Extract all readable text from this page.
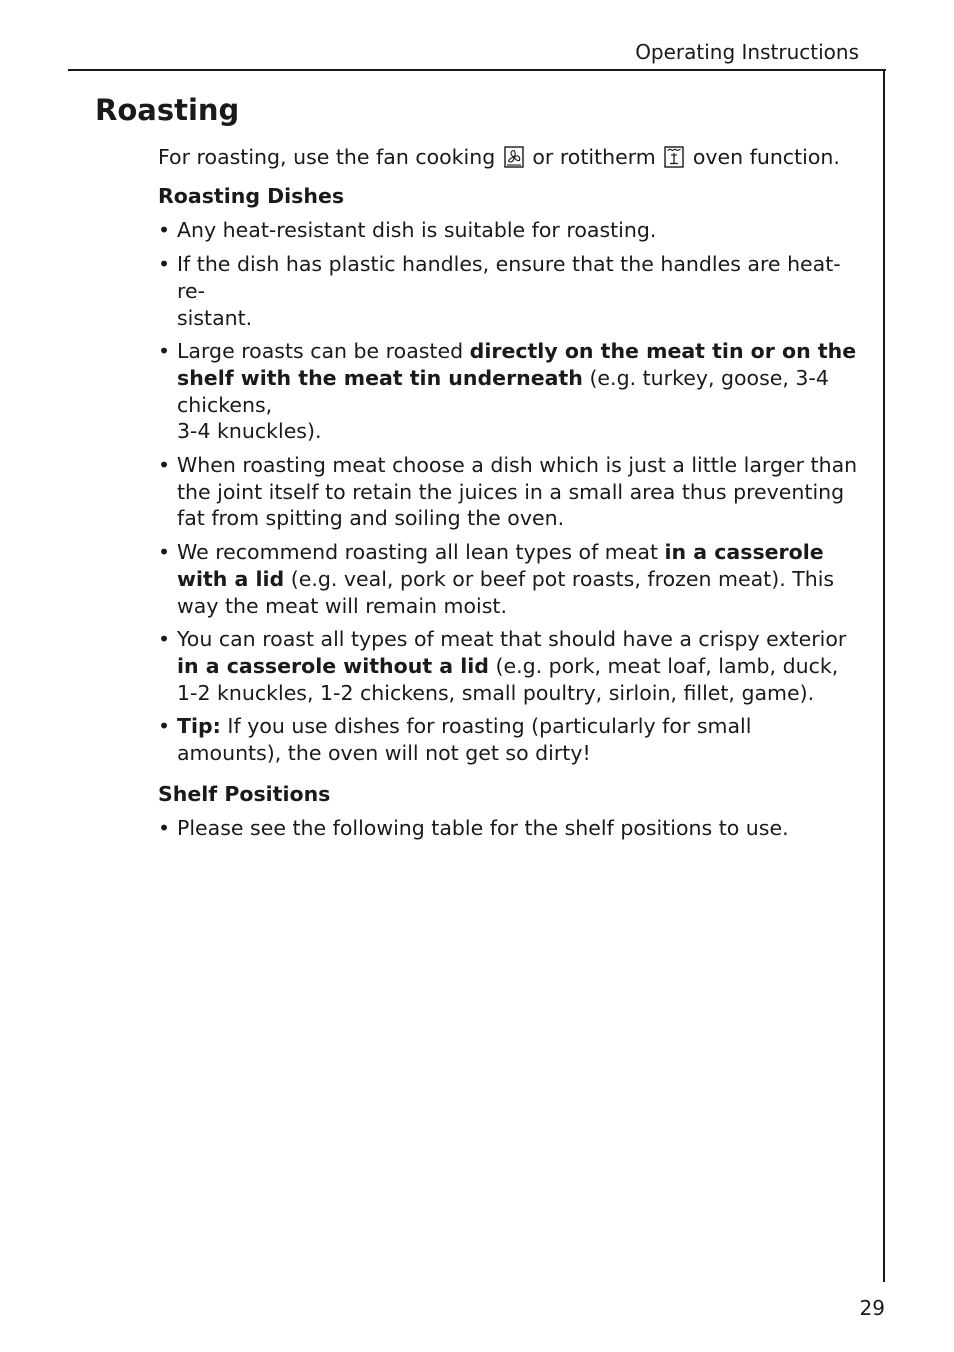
Operating Instructions
Roasting

For roasting, use the fan cooking or rotitherm oven function.

Roasting Dishes
• Any heat-resistant dish is suitable for roasting.
• If the dish has plastic handles, ensure that the handles are heat-re-
sistant.
• Large roasts can be roasted directly on the meat tin or on the shelf with the meat tin underneath (e.g. turkey, goose, 3-4 chickens,
3-4 knuckles).
• When roasting meat choose a dish which is just a little larger than the joint itself to retain the juices in a small area thus preventing fat from spitting and soiling the oven.
• We recommend roasting all lean types of meat in a casserole with a lid (e.g. veal, pork or beef pot roasts, frozen meat). This way the meat will remain moist.
• You can roast all types of meat that should have a crispy exterior
in a casserole without a lid (e.g. pork, meat loaf, lamb, duck,
1-2 knuckles, 1-2 chickens, small poultry, sirloin, fillet, game).
• Tip: If you use dishes for roasting (particularly for small amounts), the oven will not get so dirty!
Shelf Positions
• Please see the following table for the shelf positions to use.
29
